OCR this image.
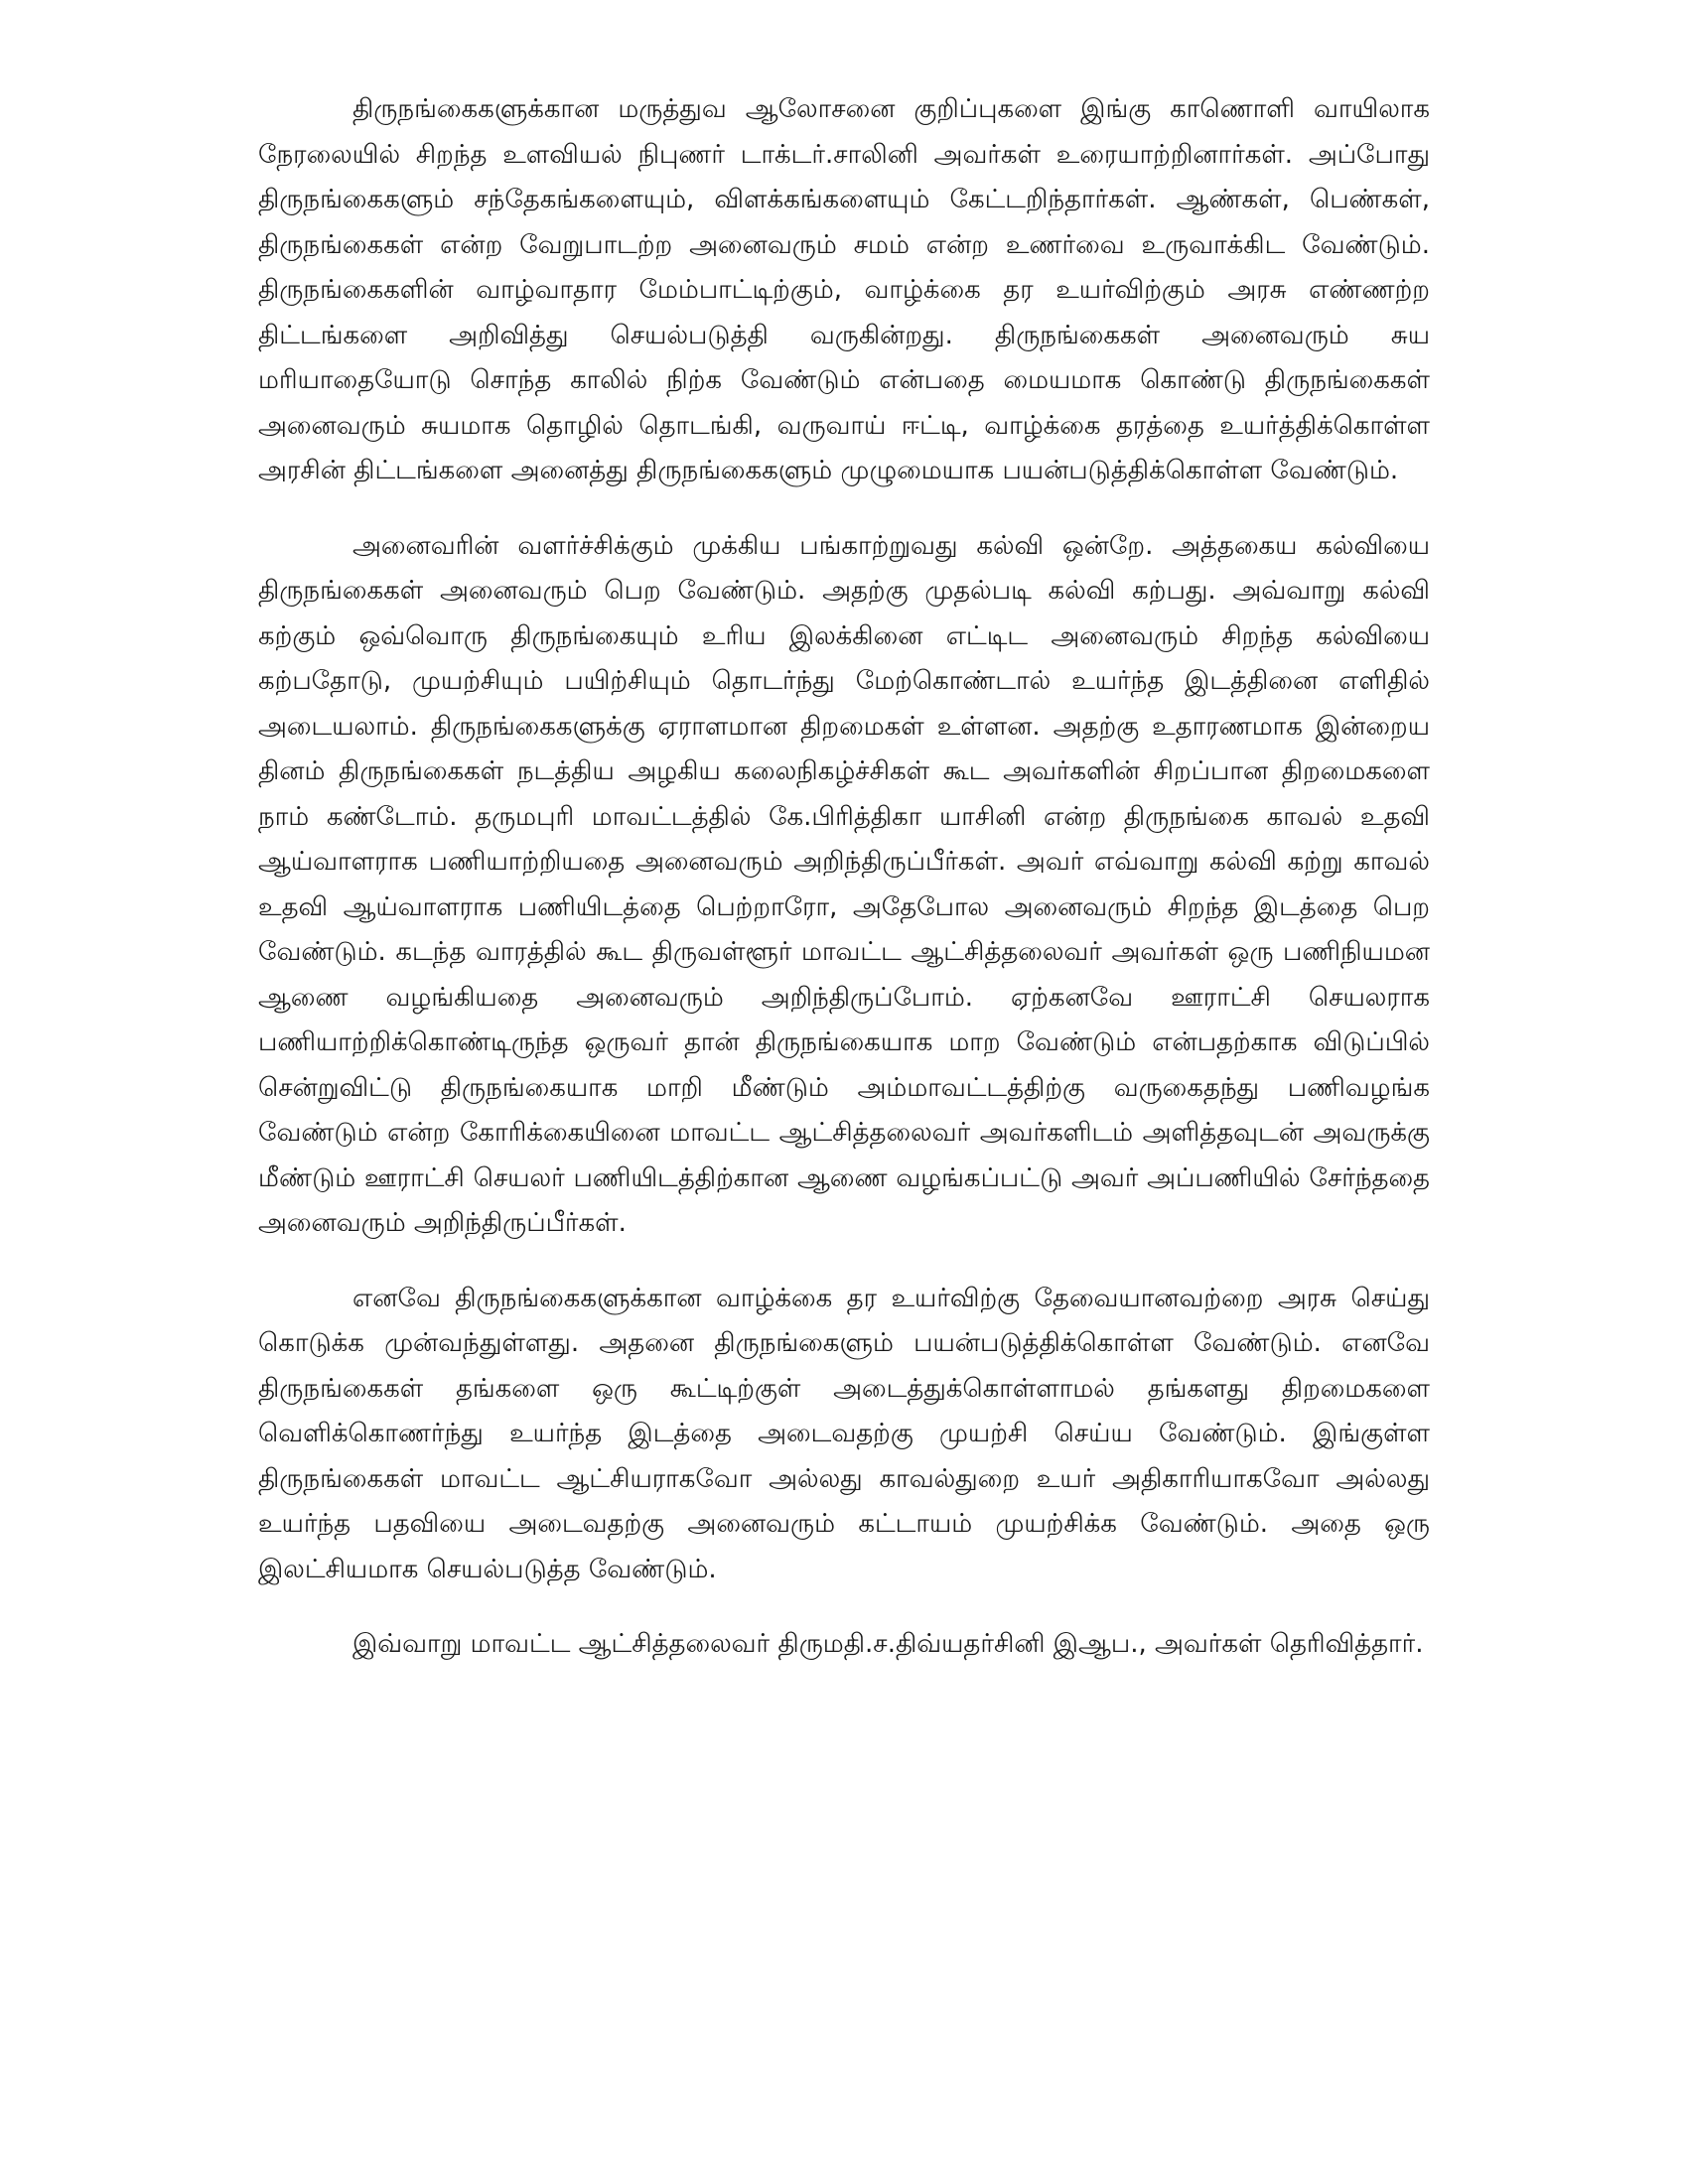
திருநங்கைகளுக்கான மருத்துவ ஆலோசனை குறிப்புகளை இங்கு காணொளி வாயிலாக நேரலையில் சிறந்த உளவியல் நிபுணர் டாக்டர்.சாலினி அவர்கள் உரையாற்றினார்கள். அப்போது திருநங்கைகளும் சந்தேகங்களையும், விளக்கங்களையும் கேட்டறிந்தார்கள். ஆண்கள், பெண்கள், திருநங்கைகள் என்ற வேறுபாடற்ற அனைவரும் சமம் என்ற உணர்வை உருவாக்கிட வேண்டும். திருநங்கைகளின் வாழ்வாதார மேம்பாட்டிற்கும், வாழ்க்கை தர உயர்விற்கும் அரசு எண்ணற்ற திட்டங்களை அறிவித்து செயல்படுத்தி வருகின்றது. திருநங்கைகள் அனைவரும் சுய மரியாதையோடு சொந்த காலில் நிற்க வேண்டும் என்பதை மையமாக கொண்டு திருநங்கைகள் அனைவரும் சுயமாக தொழில் தொடங்கி, வருவாய் ஈட்டி, வாழ்க்கை தரத்தை உயர்த்திக்கொள்ள அரசின் திட்டங்களை அனைத்து திருநங்கைகளும் முழுமையாக பயன்படுத்திக்கொள்ள வேண்டும்.

அனைவரின் வளர்ச்சிக்கும் முக்கிய பங்காற்றுவது கல்வி ஒன்றே. அத்தகைய கல்வியை திருநங்கைகள் அனைவரும் பெற வேண்டும். அதற்கு முதல்படி கல்வி கற்பது. அவ்வாறு கல்வி கற்கும் ஒவ்வொரு திருநங்கையும் உரிய இலக்கினை எட்டிட அனைவரும் சிறந்த கல்வியை கற்பதோடு, முயற்சியும் பயிற்சியும் தொடர்ந்து மேற்கொண்டால் உயர்ந்த இடத்தினை எளிதில் அடையலாம். திருநங்கைகளுக்கு ஏராளமான திறமைகள் உள்ளன. அதற்கு உதாரணமாக இன்றைய தினம் திருநங்கைகள் நடத்திய அழகிய கலைநிகழ்ச்சிகள் கூட அவர்களின் சிறப்பான திறமைகளை நாம் கண்டோம். தருமபுரி மாவட்டத்தில் கே.பிரித்திகா யாசினி என்ற திருநங்கை காவல் உதவி ஆய்வாளராக பணியாற்றியதை அனைவரும் அறிந்திருப்பீர்கள். அவர் எவ்வாறு கல்வி கற்று காவல் உதவி ஆய்வாளராக பணியிடத்தை பெற்றாரோ, அதேபோல அனைவரும் சிறந்த இடத்தை பெற வேண்டும். கடந்த வாரத்தில் கூட திருவள்ளூர் மாவட்ட ஆட்சித்தலைவர் அவர்கள் ஒரு பணிநியமன ஆணை வழங்கியதை அனைவரும் அறிந்திருப்போம். ஏற்கனவே ஊராட்சி செயலராக பணியாற்றிக்கொண்டிருந்த ஒருவர் தான் திருநங்கையாக மாற வேண்டும் என்பதற்காக விடுப்பில் சென்றுவிட்டு திருநங்கையாக மாறி மீண்டும் அம்மாவட்டத்திற்கு வருகைதந்து பணிவழங்க வேண்டும் என்ற கோரிக்கையினை மாவட்ட ஆட்சித்தலைவர் அவர்களிடம் அளித்தவுடன் அவருக்கு மீண்டும் ஊராட்சி செயலர் பணியிடத்திற்கான ஆணை வழங்கப்பட்டு அவர் அப்பணியில் சேர்ந்ததை அனைவரும் அறிந்திருப்பீர்கள்.

எனவே திருநங்கைகளுக்கான வாழ்க்கை தர உயர்விற்கு தேவையானவற்றை அரசு செய்து கொடுக்க முன்வந்துள்ளது. அதனை திருநங்கைளும் பயன்படுத்திக்கொள்ள வேண்டும். எனவே திருநங்கைகள் தங்களை ஒரு கூட்டிற்குள் அடைத்துக்கொள்ளாமல் தங்களது திறமைகளை வெளிக்கொணர்ந்து உயர்ந்த இடத்தை அடைவதற்கு முயற்சி செய்ய வேண்டும். இங்குள்ள திருநங்கைகள் மாவட்ட ஆட்சியராகவோ அல்லது காவல்துறை உயர் அதிகாரியாகவோ அல்லது உயர்ந்த பதவியை அடைவதற்கு அனைவரும் கட்டாயம் முயற்சிக்க வேண்டும். அதை ஒரு இலட்சியமாக செயல்படுத்த வேண்டும்.

இவ்வாறு மாவட்ட ஆட்சித்தலைவர் திருமதி.ச.திவ்யதர்சினி இஆப., அவர்கள் தெரிவித்தார்.
